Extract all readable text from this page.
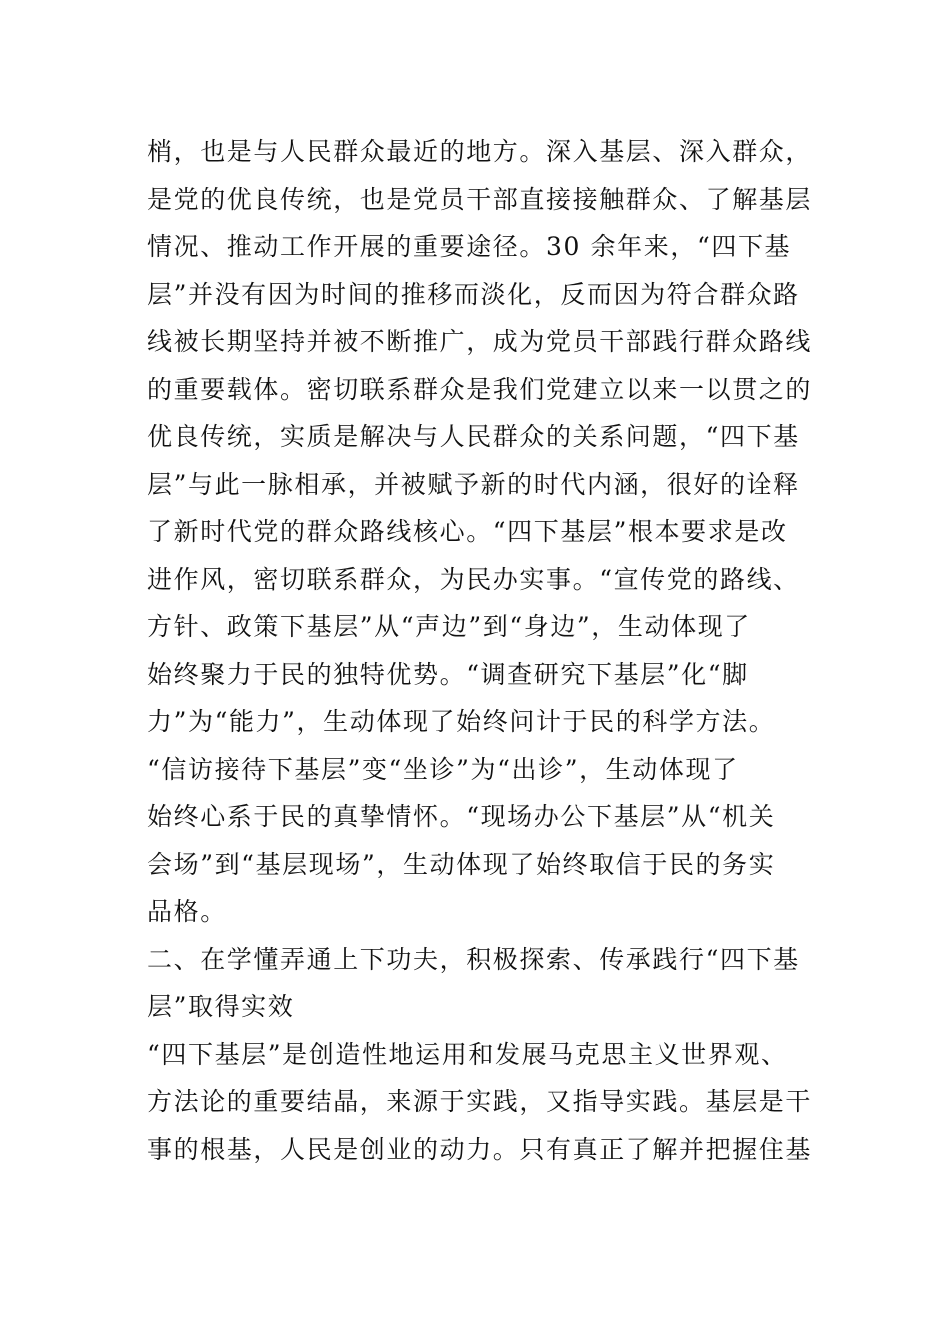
梢，也是与人民群众最近的地方。深入基层、深入群众，
是党的优良传统，也是党员干部直接接触群众、了解基层
情况、推动工作开展的重要途径。30 余年来，“四下基
层”并没有因为时间的推移而淡化，反而因为符合群众路
线被长期坚持并被不断推广，成为党员干部践行群众路线
的重要载体。密切联系群众是我们党建立以来一以贯之的
优良传统，实质是解决与人民群众的关系问题，“四下基
层”与此一脉相承，并被赋予新的时代内涵，很好的诠释
了新时代党的群众路线核心。“四下基层”根本要求是改
进作风，密切联系群众，为民办实事。“宣传党的路线、
方针、政策下基层”从“声边”到“身边”，生动体现了
始终聚力于民的独特优势。“调查研究下基层”化“脚
力”为“能力”，生动体现了始终问计于民的科学方法。
“信访接待下基层”变“坐诊”为“出诊”，生动体现了
始终心系于民的真挚情怀。“现场办公下基层”从“机关
会场”到“基层现场”，生动体现了始终取信于民的务实
品格。
二、在学懂弄通上下功夫，积极探索、传承践行“四下基
层”取得实效
“四下基层”是创造性地运用和发展马克思主义世界观、
方法论的重要结晶，来源于实践，又指导实践。基层是干
事的根基，人民是创业的动力。只有真正了解并把握住基
